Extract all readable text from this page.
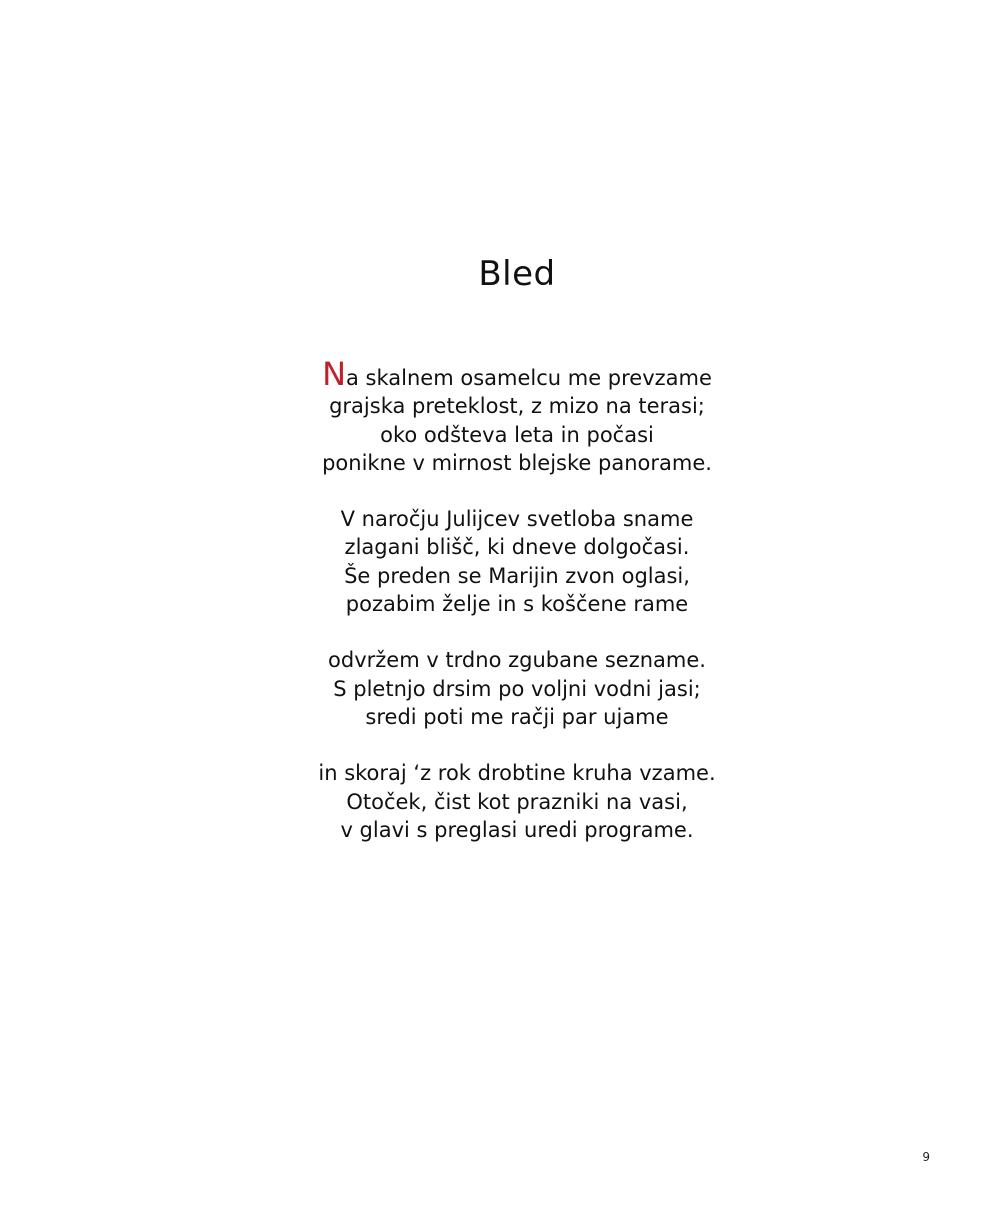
Bled
Na skalnem osamelcu me prevzame
grajska preteklost, z mizo na terasi;
oko odšteva leta in počasi
ponikne v mirnost blejske panorame.
V naročju Julijcev svetloba sname
zlagani blišč, ki dneve dolgočasi.
Še preden se Marijin zvon oglasi,
pozabim želje in s koščene rame
odvržem v trdno zgubane sezname.
S pletnjo drsim po voljni vodni jasi;
sredi poti me račji par ujame
in skoraj ‘z rok drobtine kruha vzame.
Otoček, čist kot prazniki na vasi,
v glavi s preglasi uredi programe.
9
